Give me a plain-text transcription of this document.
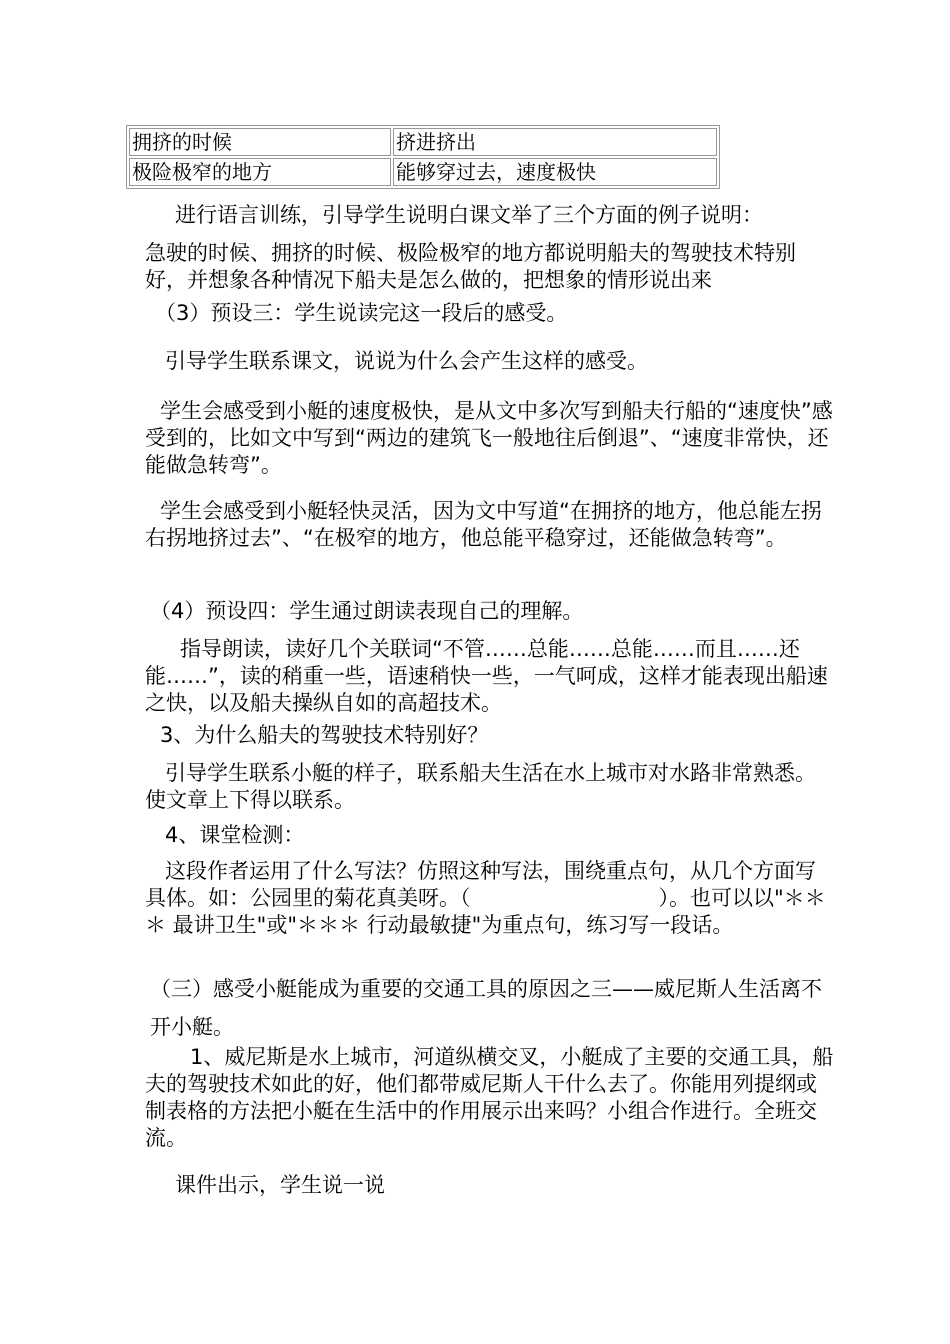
拥挤的时候	挤进挤出
极险极窄的地方	能够穿过去，速度极快

进行语言训练，引导学生说明白课文举了三个方面的例子说明：

急驶的时候、拥挤的时候、极险极窄的地方都说明船夫的驾驶技术特别好，并想象各种情况下船夫是怎么做的，把想象的情形说出来

（3）预设三：学生说读完这一段后的感受。

引导学生联系课文，说说为什么会产生这样的感受。

学生会感受到小艇的速度极快，是从文中多次写到船夫行船的“速度快”感受到的，比如文中写到“两边的建筑飞一般地往后倒退”、“速度非常快，还能做急转弯”。

学生会感受到小艇轻快灵活，因为文中写道“在拥挤的地方，他总能左拐右拐地挤过去”、“在极窄的地方，他总能平稳穿过，还能做急转弯”。

（4）预设四：学生通过朗读表现自己的理解。

指导朗读，读好几个关联词“不管……总能……总能……而且……还能……”，读的稍重一些，语速稍快一些，一气呵成，这样才能表现出船速之快，以及船夫操纵自如的高超技术。

3、为什么船夫的驾驶技术特别好？

引导学生联系小艇的样子，联系船夫生活在水上城市对水路非常熟悉。使文章上下得以联系。

4、课堂检测：

这段作者运用了什么写法？仿照这种写法，围绕重点句，从几个方面写具体。如：公园里的菊花真美呀。（	）。也可以以"＊＊＊ 最讲卫生"或"＊＊＊ 行动最敏捷"为重点句，练习写一段话。

（三）感受小艇能成为重要的交通工具的原因之三——威尼斯人生活离不开小艇。

1、威尼斯是水上城市，河道纵横交叉，小艇成了主要的交通工具，船夫的驾驶技术如此的好，他们都带威尼斯人干什么去了。你能用列提纲或制表格的方法把小艇在生活中的作用展示出来吗？小组合作进行。全班交流。

课件出示，学生说一说
